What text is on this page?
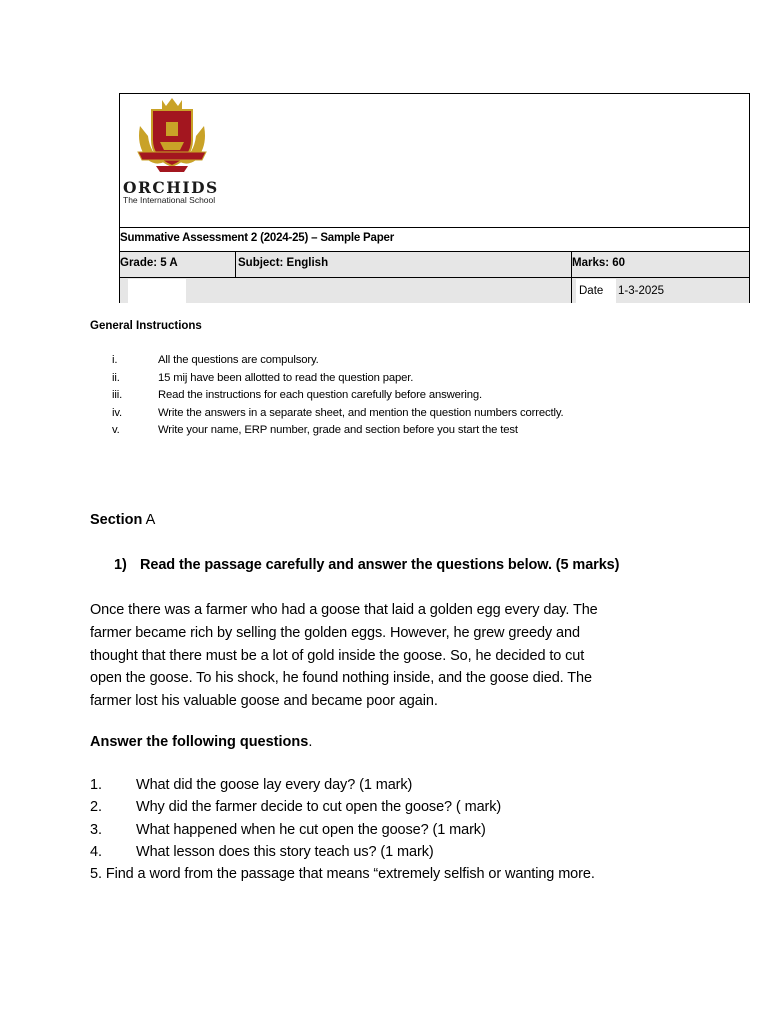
ORCHIDS
The International School
Summative Assessment 2 (2024-25) – Sample Paper
Grade: 5 A	Subject: English	Marks: 60
Date 1-3-2025
General Instructions
i.	All the questions are compulsory.
ii.	15 mij have been allotted to read the question paper.
iii.	Read the instructions for each question carefully before answering.
iv.	Write the answers in a separate sheet, and mention the question numbers correctly.
v.	Write your name, ERP number, grade and section before you start the test
Section A
1) Read the passage carefully and answer the questions below. (5 marks)
Once there was a farmer who had a goose that laid a golden egg every day. The
farmer became rich by selling the golden eggs. However, he grew greedy and
thought that there must be a lot of gold inside the goose. So, he decided to cut
open the goose. To his shock, he found nothing inside, and the goose died. The
farmer lost his valuable goose and became poor again.
Answer the following questions.
1. What did the goose lay every day? (1 mark)
2. Why did the farmer decide to cut open the goose? ( mark)
3. What happened when he cut open the goose? (1 mark)
4. What lesson does this story teach us? (1 mark)
5. Find a word from the passage that means “extremely selfish or wanting more.
